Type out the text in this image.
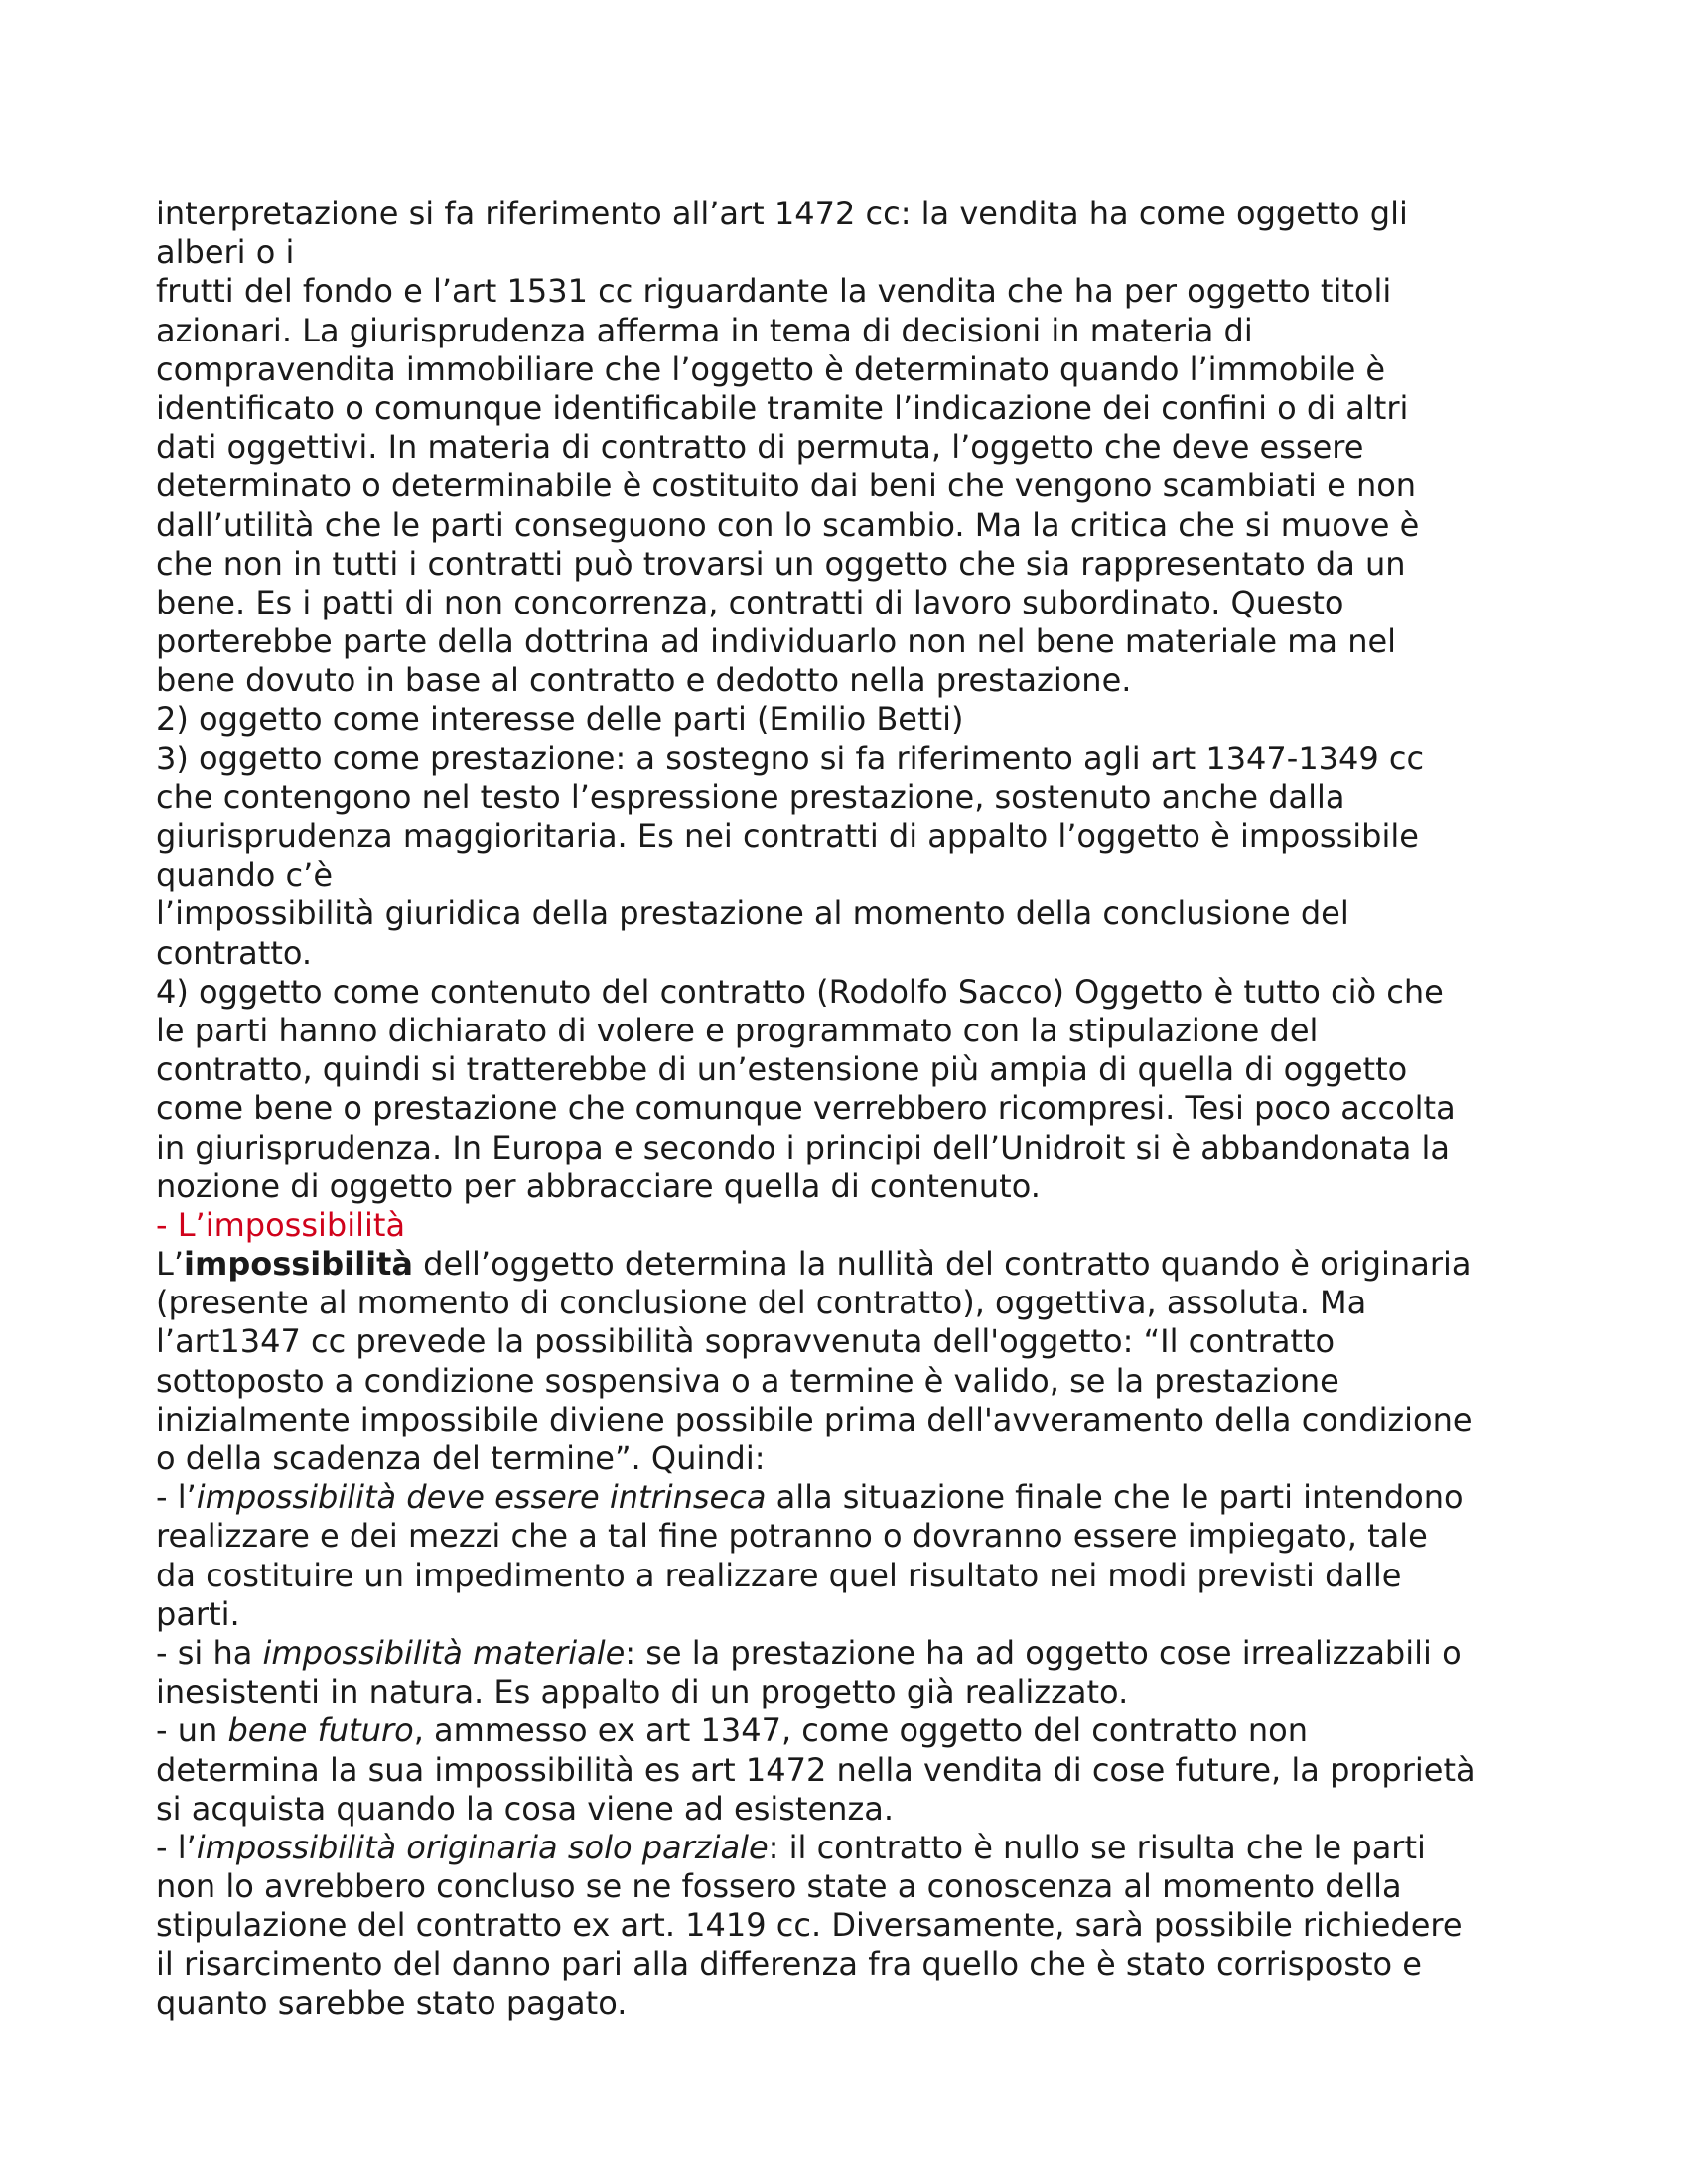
interpretazione si fa riferimento all’art 1472 cc: la vendita ha come oggetto gli
alberi o i
frutti del fondo e l’art 1531 cc riguardante la vendita che ha per oggetto titoli
azionari. La giurisprudenza afferma in tema di decisioni in materia di
compravendita immobiliare che l’oggetto è determinato quando l’immobile è
identificato o comunque identificabile tramite l’indicazione dei confini o di altri
dati oggettivi. In materia di contratto di permuta, l’oggetto che deve essere
determinato o determinabile è costituito dai beni che vengono scambiati e non
dall’utilità che le parti conseguono con lo scambio. Ma la critica che si muove è
che non in tutti i contratti può trovarsi un oggetto che sia rappresentato da un
bene. Es i patti di non concorrenza, contratti di lavoro subordinato. Questo
porterebbe parte della dottrina ad individuarlo non nel bene materiale ma nel
bene dovuto in base al contratto e dedotto nella prestazione.
2) oggetto come interesse delle parti (Emilio Betti)
3) oggetto come prestazione: a sostegno si fa riferimento agli art 1347-1349 cc
che contengono nel testo l’espressione prestazione, sostenuto anche dalla
giurisprudenza maggioritaria. Es nei contratti di appalto l’oggetto è impossibile
quando c’è
l’impossibilità giuridica della prestazione al momento della conclusione del
contratto.
4) oggetto come contenuto del contratto (Rodolfo Sacco) Oggetto è tutto ciò che
le parti hanno dichiarato di volere e programmato con la stipulazione del
contratto, quindi si tratterebbe di un’estensione più ampia di quella di oggetto
come bene o prestazione che comunque verrebbero ricompresi. Tesi poco accolta
in giurisprudenza. In Europa e secondo i principi dell’Unidroit si è abbandonata la
nozione di oggetto per abbracciare quella di contenuto.
- L’impossibilità
L’impossibilità dell’oggetto determina la nullità del contratto quando è originaria
(presente al momento di conclusione del contratto), oggettiva, assoluta. Ma
l’art1347 cc prevede la possibilità sopravvenuta dell'oggetto: “Il contratto
sottoposto a condizione sospensiva o a termine è valido, se la prestazione
inizialmente impossibile diviene possibile prima dell'avveramento della condizione
o della scadenza del termine”. Quindi:
- l’impossibilità deve essere intrinseca alla situazione finale che le parti intendono
realizzare e dei mezzi che a tal fine potranno o dovranno essere impiegato, tale
da costituire un impedimento a realizzare quel risultato nei modi previsti dalle
parti.
- si ha impossibilità materiale: se la prestazione ha ad oggetto cose irrealizzabili o
inesistenti in natura. Es appalto di un progetto già realizzato.
- un bene futuro, ammesso ex art 1347, come oggetto del contratto non
determina la sua impossibilità es art 1472 nella vendita di cose future, la proprietà
si acquista quando la cosa viene ad esistenza.
- l’impossibilità originaria solo parziale: il contratto è nullo se risulta che le parti
non lo avrebbero concluso se ne fossero state a conoscenza al momento della
stipulazione del contratto ex art. 1419 cc. Diversamente, sarà possibile richiedere
il risarcimento del danno pari alla differenza fra quello che è stato corrisposto e
quanto sarebbe stato pagato.
